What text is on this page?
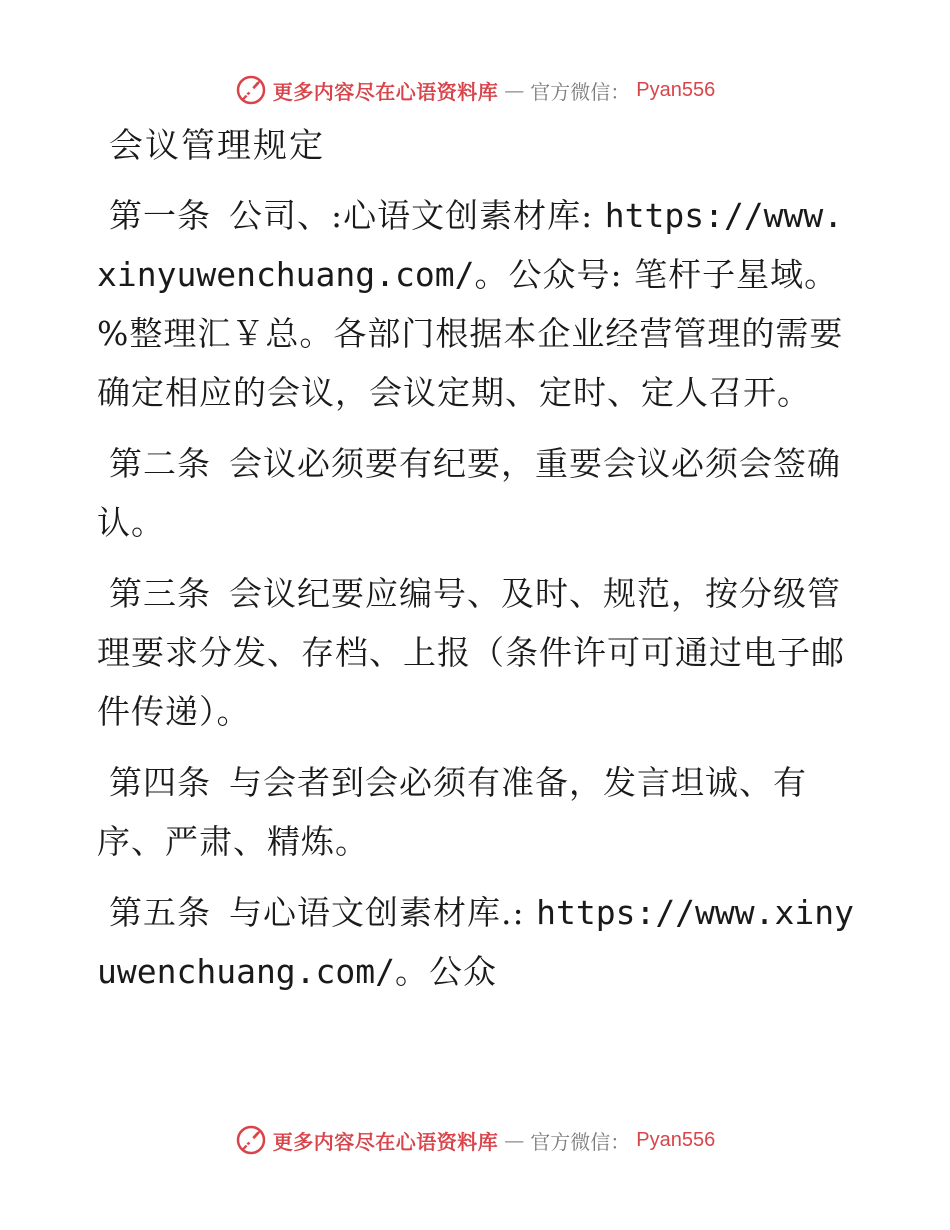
更多内容尽在心语资料库 — 官方微信： Pyan556
会议管理规定

第一条 公司、:心语文创素材库: https://www.xinyuwenchuang.com/。公众号: 笔杆子星域。%整理汇￥总。各部门根据本企业经营管理的需要确定相应的会议，会议定期、定时、定人召开。

第二条 会议必须要有纪要，重要会议必须会签确认。

第三条 会议纪要应编号、及时、规范，按分级管理要求分发、存档、上报（条件许可可通过电子邮件传递）。

第四条 与会者到会必须有准备，发言坦诚、有序、严肃、精炼。

第五条 与心语文创素材库.: https://www.xinyuwenchuang.com/。公众

更多内容尽在心语资料库 — 官方微信： Pyan556
